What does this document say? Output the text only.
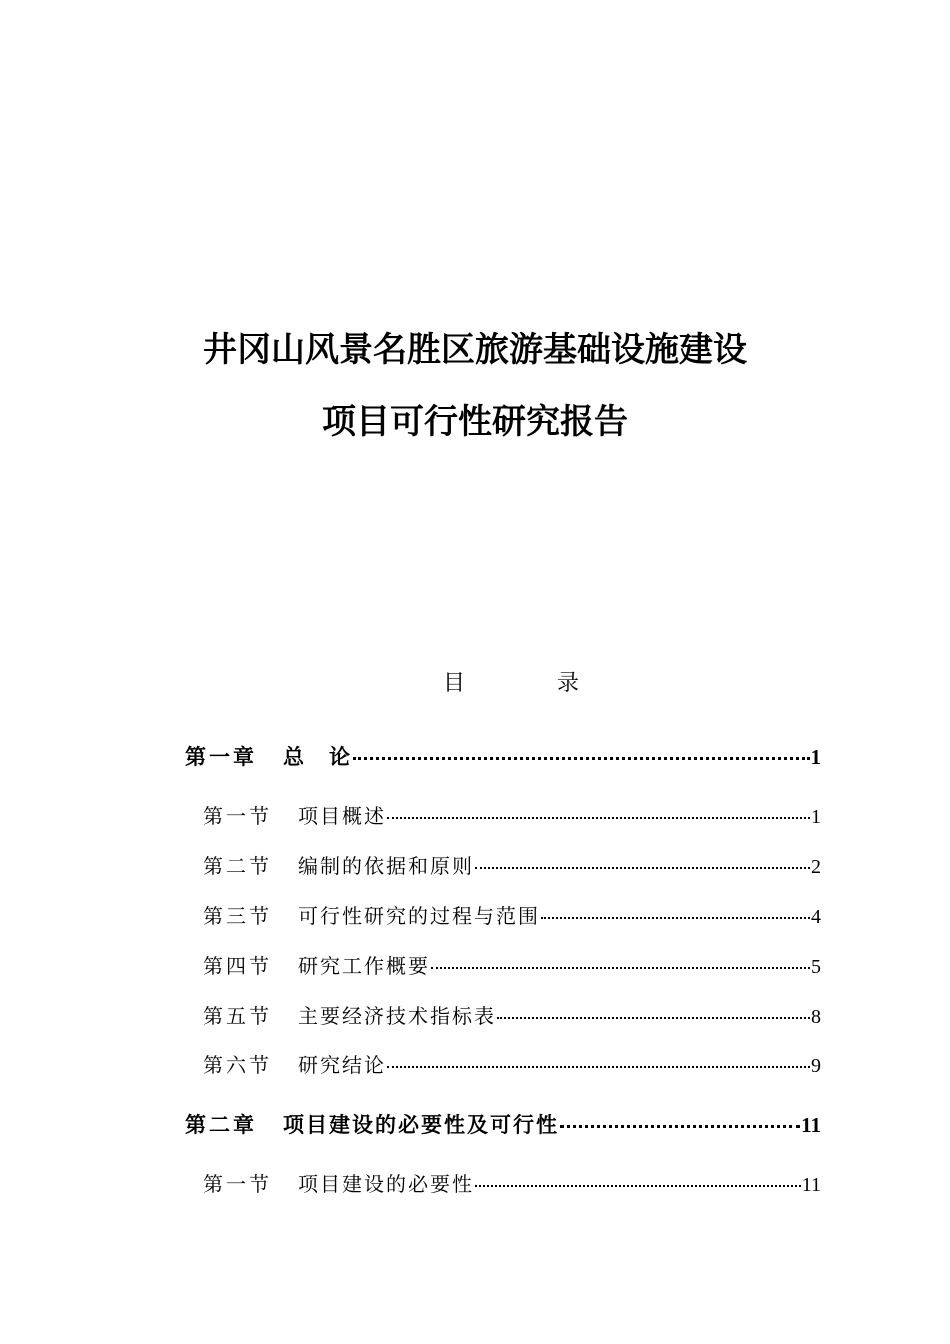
井冈山风景名胜区旅游基础设施建设
项目可行性研究报告
目	录
第一章 总　论	1
第一节 项目概述	1
第二节 编制的依据和原则	2
第三节 可行性研究的过程与范围	4
第四节 研究工作概要	5
第五节 主要经济技术指标表	8
第六节 研究结论	9
第二章 项目建设的必要性及可行性	11
第一节 项目建设的必要性	11
